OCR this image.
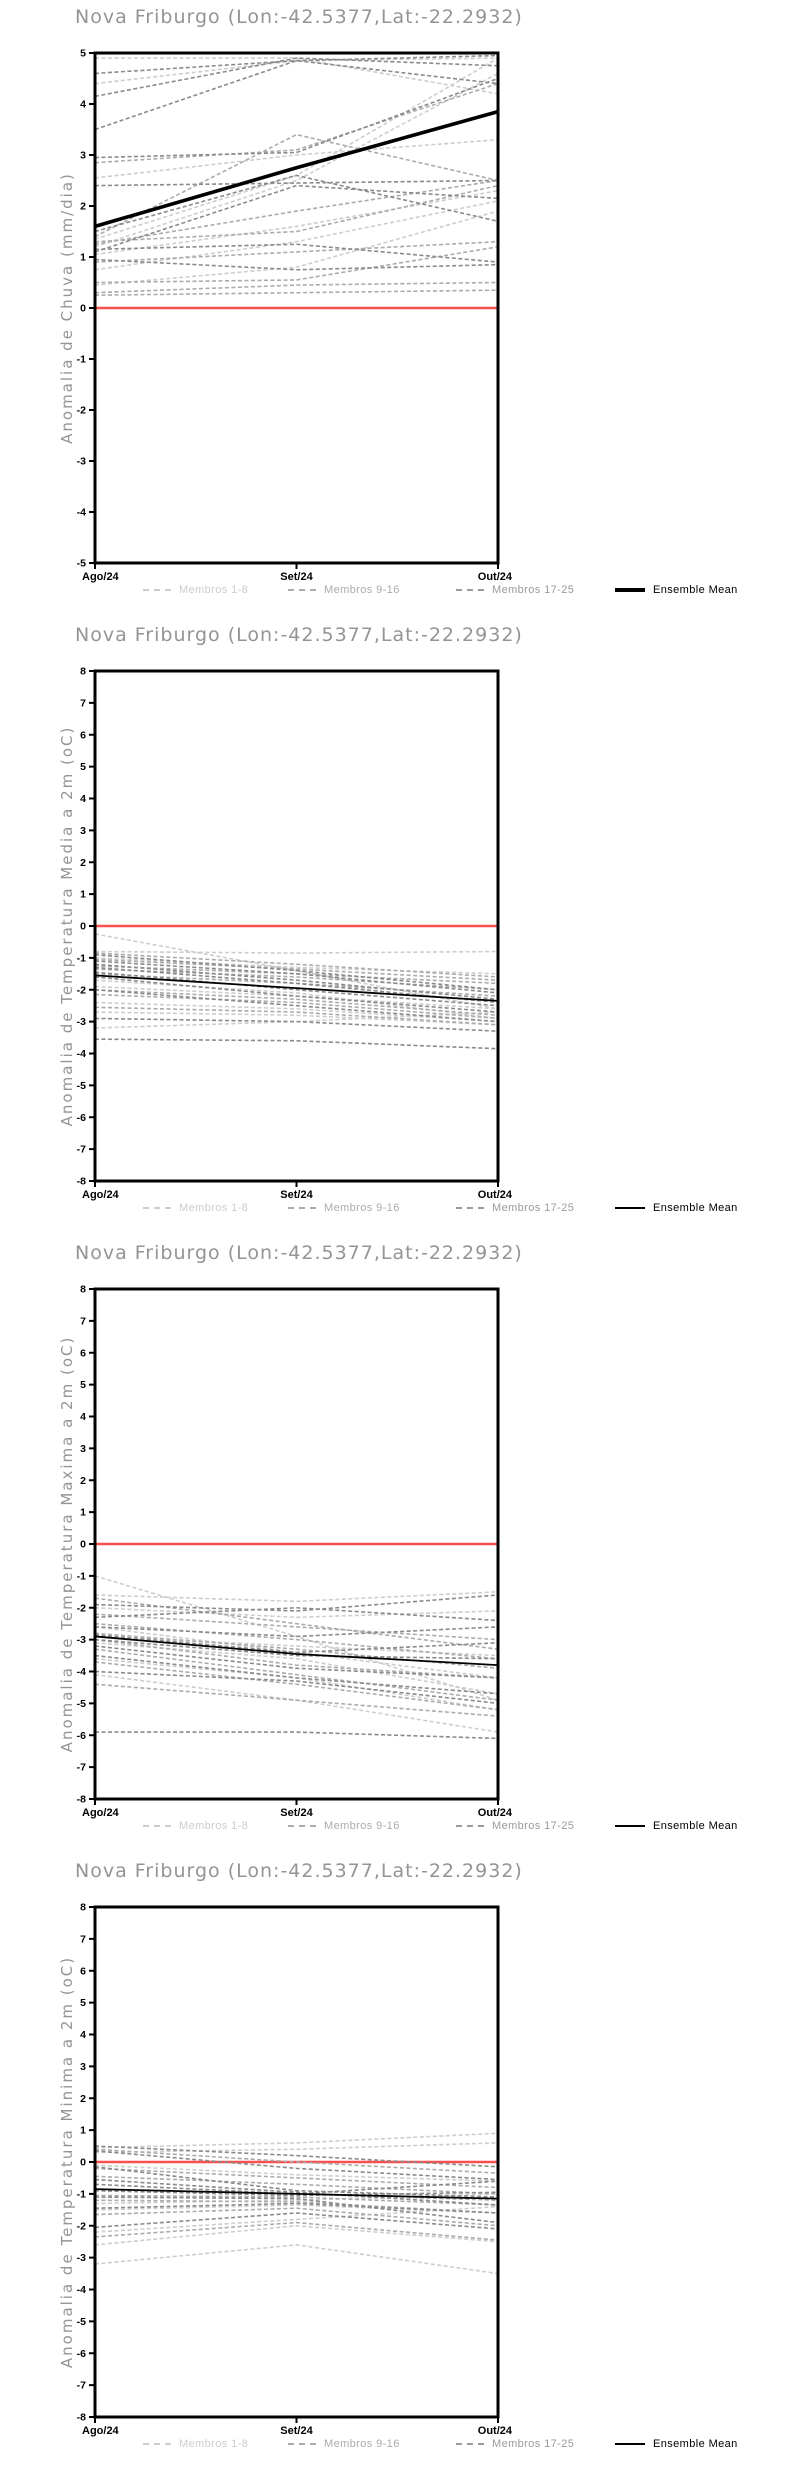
-5
-4
-3
-2
-1
0
1
2
3
4
5
Ago/24	Set/24	Out/24
Anomalia de Chuva (mm/dia)
Nova Friburgo (Lon:-42.5377,Lat:-22.2932)
Membros 1-8	Membros 9-16	Membros 17-25	Ensemble Mean
-8
-7
-6
-5
-4
-3
-2
-1
0
1
2
3
4
5
6
7
8
Ago/24	Set/24	Out/24
Anomalia de Temperatura Media a 2m (oC)
Nova Friburgo (Lon:-42.5377,Lat:-22.2932)
Membros 1-8	Membros 9-16	Membros 17-25	Ensemble Mean
-8
-7
-6
-5
-4
-3
-2
-1
0
1
2
3
4
5
6
7
8
Ago/24	Set/24	Out/24
Anomalia de Temperatura Maxima a 2m (oC)
Nova Friburgo (Lon:-42.5377,Lat:-22.2932)
Membros 1-8	Membros 9-16	Membros 17-25	Ensemble Mean
-8
-7
-6
-5
-4
-3
-2
-1
0
1
2
3
4
5
6
7
8
Ago/24	Set/24	Out/24
Anomalia de Temperatura Minima a 2m (oC)
Nova Friburgo (Lon:-42.5377,Lat:-22.2932)
Membros 1-8	Membros 9-16	Membros 17-25	Ensemble Mean
